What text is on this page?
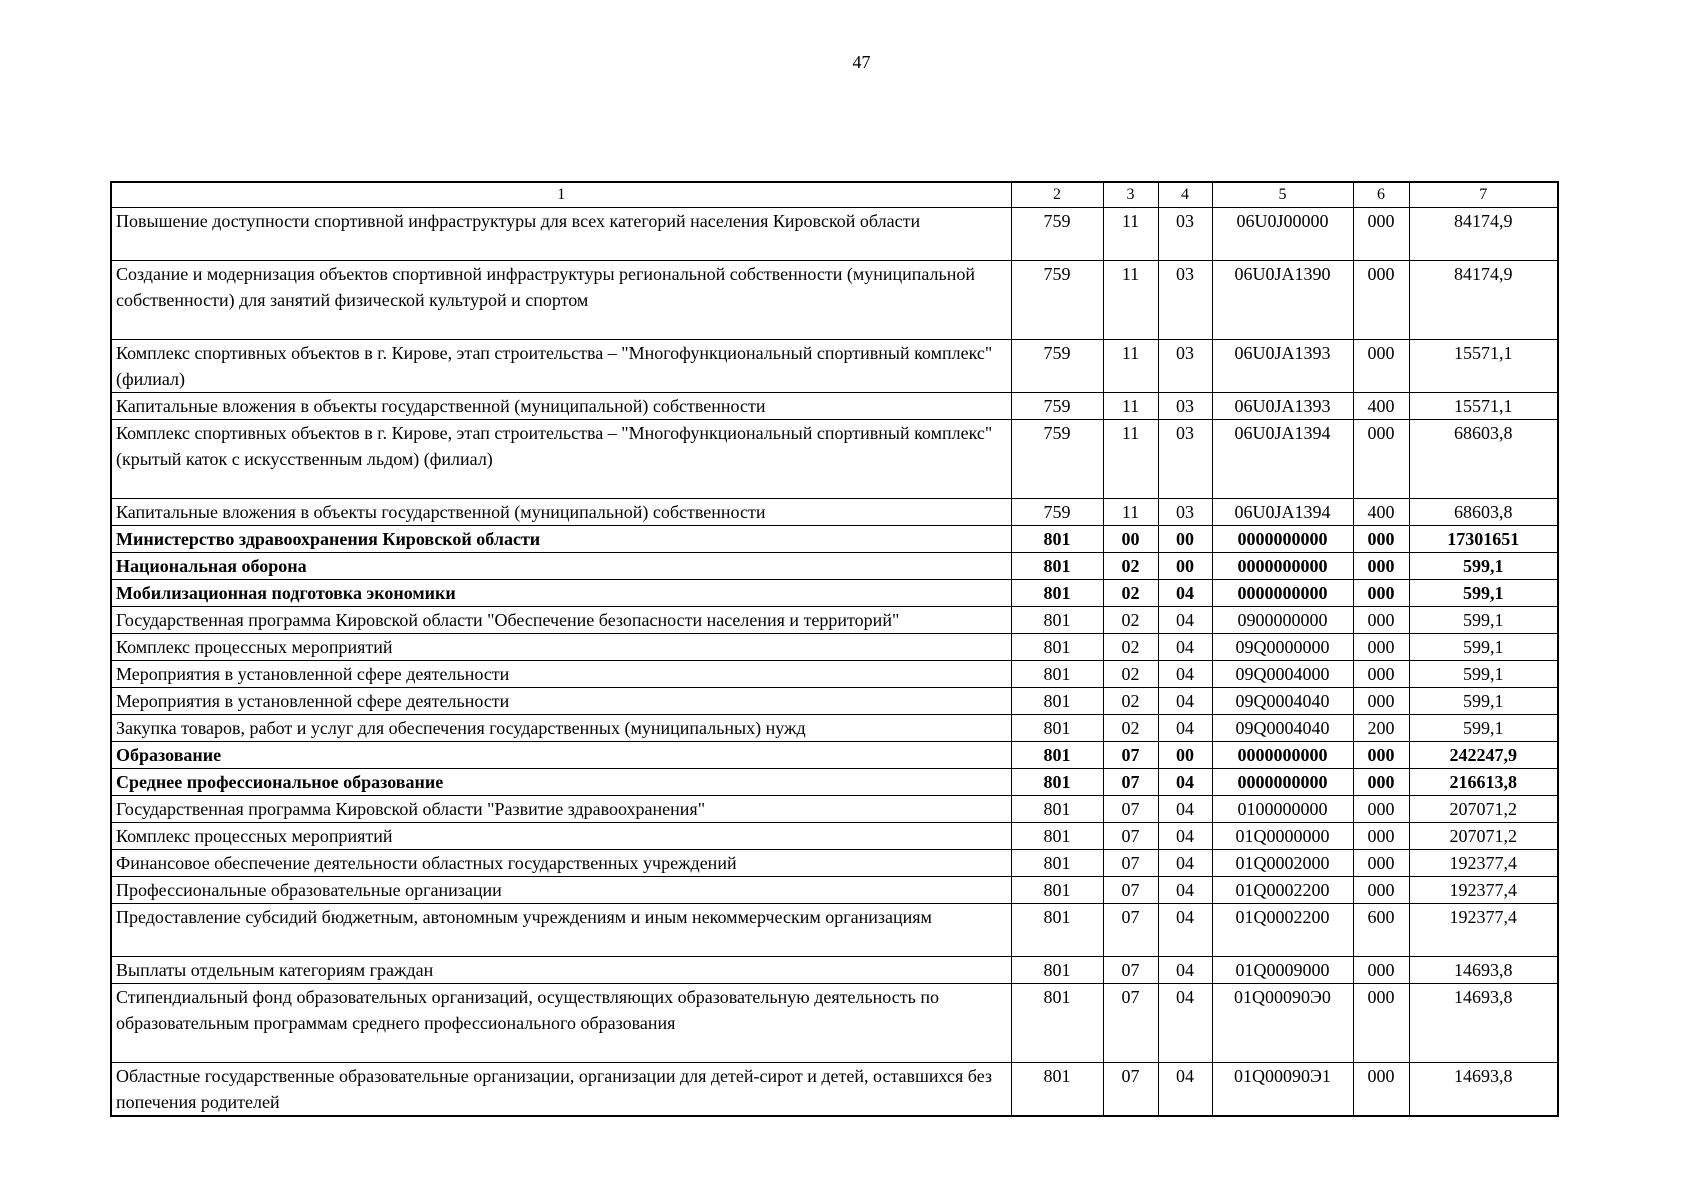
47
1	2	3	4	5	6	7
Повышение доступности спортивной инфраструктуры для всех категорий населения Кировской области	759	11	03	06U0J00000	000	84174,9
Создание и модернизация объектов спортивной инфраструктуры региональной собственности (муниципальной собственности) для занятий физической культурой и спортом	759	11	03	06U0JA1390	000	84174,9
Комплекс спортивных объектов в г. Кирове, этап строительства – "Многофункциональный спортивный комплекс" (филиал)	759	11	03	06U0JA1393	000	15571,1
Капитальные вложения в объекты государственной (муниципальной) собственности	759	11	03	06U0JA1393	400	15571,1
Комплекс спортивных объектов в г. Кирове, этап строительства – "Многофункциональный спортивный комплекс" (крытый каток с искусственным льдом) (филиал)	759	11	03	06U0JA1394	000	68603,8
Капитальные вложения в объекты государственной (муниципальной) собственности	759	11	03	06U0JA1394	400	68603,8
Министерство здравоохранения Кировской области	801	00	00	0000000000	000	17301651
Национальная оборона	801	02	00	0000000000	000	599,1
Мобилизационная подготовка экономики	801	02	04	0000000000	000	599,1
Государственная программа Кировской области "Обеспечение безопасности населения и территорий"	801	02	04	0900000000	000	599,1
Комплекс процессных мероприятий	801	02	04	09Q0000000	000	599,1
Мероприятия в установленной сфере деятельности	801	02	04	09Q0004000	000	599,1
Мероприятия в установленной сфере деятельности	801	02	04	09Q0004040	000	599,1
Закупка товаров, работ и услуг для обеспечения государственных (муниципальных) нужд	801	02	04	09Q0004040	200	599,1
Образование	801	07	00	0000000000	000	242247,9
Среднее профессиональное образование	801	07	04	0000000000	000	216613,8
Государственная программа Кировской области "Развитие здравоохранения"	801	07	04	0100000000	000	207071,2
Комплекс процессных мероприятий	801	07	04	01Q0000000	000	207071,2
Финансовое обеспечение деятельности областных государственных учреждений	801	07	04	01Q0002000	000	192377,4
Профессиональные образовательные организации	801	07	04	01Q0002200	000	192377,4
Предоставление субсидий бюджетным, автономным учреждениям и иным некоммерческим организациям	801	07	04	01Q0002200	600	192377,4
Выплаты отдельным категориям граждан	801	07	04	01Q0009000	000	14693,8
Стипендиальный фонд образовательных организаций, осуществляющих образовательную деятельность по образовательным программам среднего профессионального образования	801	07	04	01Q00090Э0	000	14693,8
Областные государственные образовательные организации, организации для детей-сирот и детей, оставшихся без попечения родителей	801	07	04	01Q00090Э1	000	14693,8
